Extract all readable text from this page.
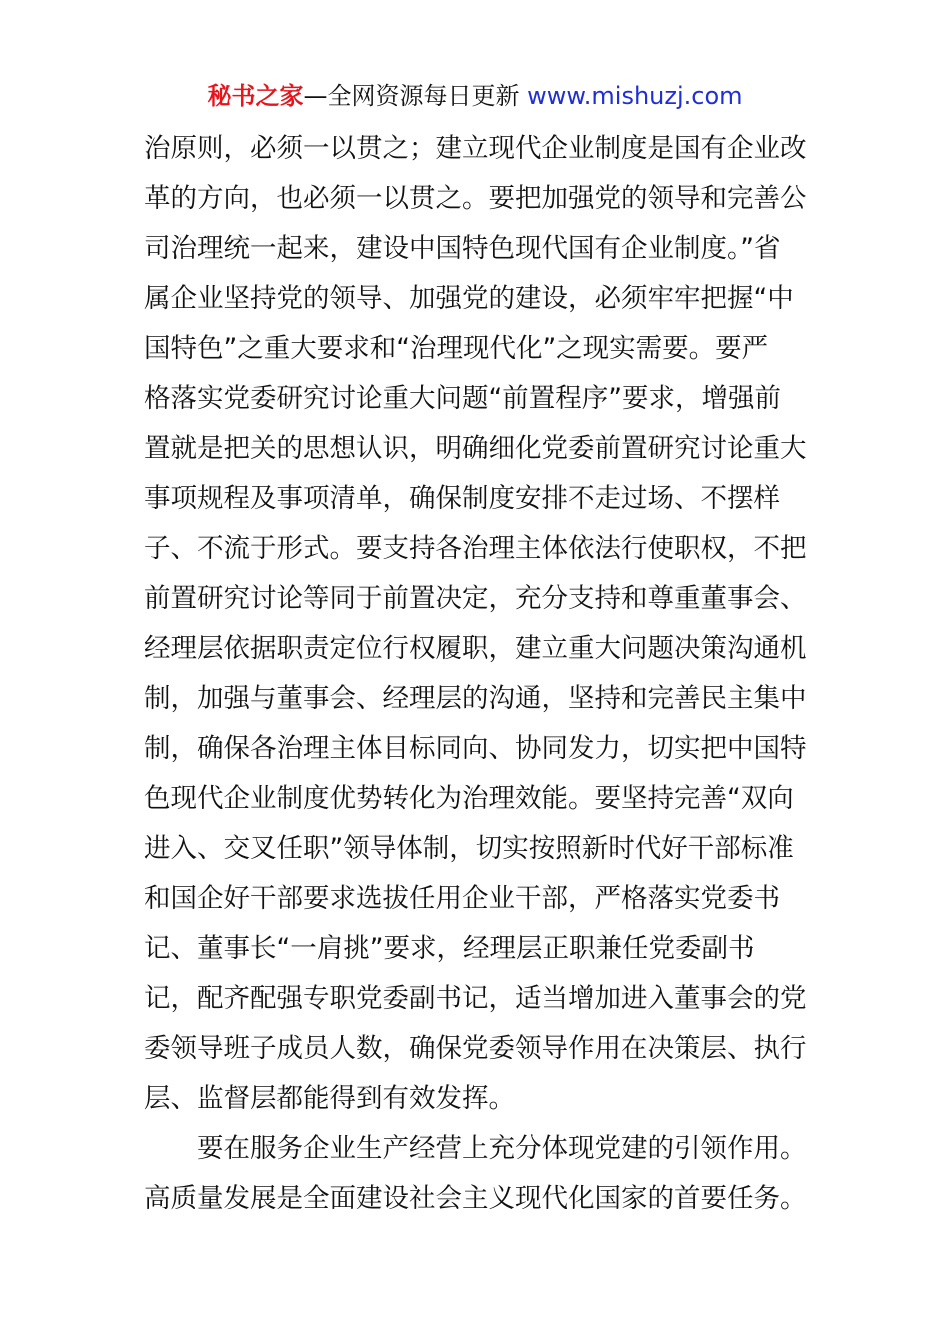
秘书之家—全网资源每日更新 www.mishuzj.com
治原则，必须一以贯之；建立现代企业制度是国有企业改
革的方向，也必须一以贯之。要把加强党的领导和完善公
司治理统一起来，建设中国特色现代国有企业制度。”省
属企业坚持党的领导、加强党的建设，必须牢牢把握“中
国特色”之重大要求和“治理现代化”之现实需要。要严
格落实党委研究讨论重大问题“前置程序”要求，增强前
置就是把关的思想认识，明确细化党委前置研究讨论重大
事项规程及事项清单，确保制度安排不走过场、不摆样
子、不流于形式。要支持各治理主体依法行使职权，不把
前置研究讨论等同于前置决定，充分支持和尊重董事会、
经理层依据职责定位行权履职，建立重大问题决策沟通机
制，加强与董事会、经理层的沟通，坚持和完善民主集中
制，确保各治理主体目标同向、协同发力，切实把中国特
色现代企业制度优势转化为治理效能。要坚持完善“双向
进入、交叉任职”领导体制，切实按照新时代好干部标准
和国企好干部要求选拔任用企业干部，严格落实党委书
记、董事长“一肩挑”要求，经理层正职兼任党委副书
记，配齐配强专职党委副书记，适当增加进入董事会的党
委领导班子成员人数，确保党委领导作用在决策层、执行
层、监督层都能得到有效发挥。
要在服务企业生产经营上充分体现党建的引领作用。
高质量发展是全面建设社会主义现代化国家的首要任务。
